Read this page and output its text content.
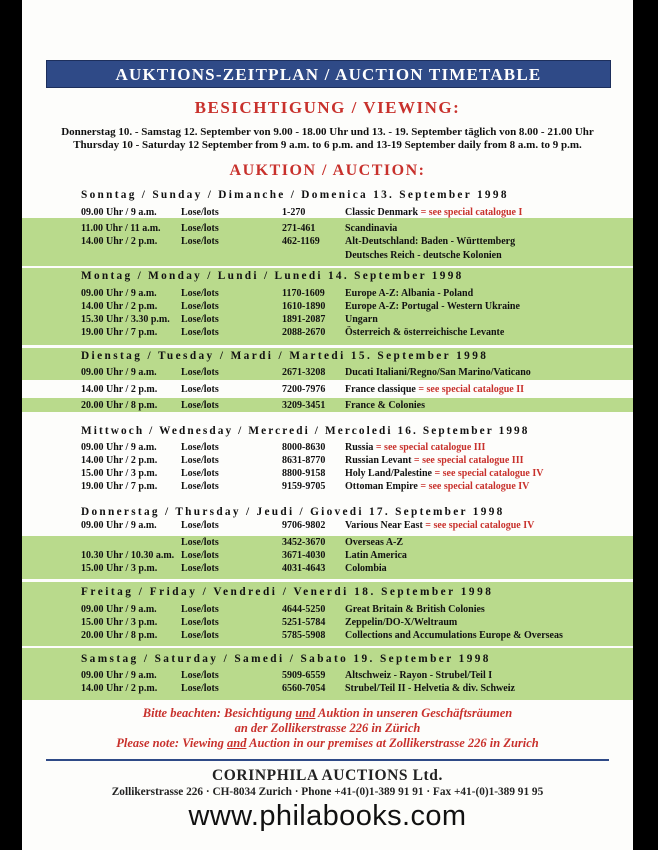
AUKTIONS-ZEITPLAN / AUCTION TIMETABLE
BESICHTIGUNG / VIEWING:
Donnerstag 10. - Samstag 12. September von 9.00 - 18.00 Uhr und 13. - 19. September täglich von 8.00 - 21.00 Uhr
Thursday 10 - Saturday 12 September from 9 a.m. to 6 p.m. and 13-19 September daily from 8 a.m. to 9 p.m.
AUKTION / AUCTION:
Sonntag / Sunday / Dimanche / Domenica 13. September 1998
09.00 Uhr / 9 a.m. Lose/lots	1-270	Classic Denmark = see special catalogue I
11.00 Uhr / 11 a.m. Lose/lots	271-461	Scandinavia
14.00 Uhr / 2 p.m. Lose/lots	462-1169	Alt-Deutschland: Baden - Württemberg
Deutsches Reich - deutsche Kolonien
Montag / Monday / Lundi / Lunedi 14. September 1998
09.00 Uhr / 9 a.m. Lose/lots	1170-1609 Europe A-Z: Albania - Poland
14.00 Uhr / 2 p.m. Lose/lots	1610-1890 Europe A-Z: Portugal - Western Ukraine
15.30 Uhr / 3.30 p.m. Lose/lots	1891-2087 Ungarn
19.00 Uhr / 7 p.m. Lose/lots	2088-2670 Österreich & österreichische Levante
Dienstag / Tuesday / Mardi / Martedi 15. September 1998
09.00 Uhr / 9 a.m. Lose/lots	2671-3208 Ducati Italiani/Regno/San Marino/Vaticano
14.00 Uhr / 2 p.m. Lose/lots	7200-7976 France classique = see special catalogue II
20.00 Uhr / 8 p.m. Lose/lots	3209-3451 France & Colonies
Mittwoch / Wednesday / Mercredi / Mercoledi 16. September 1998
09.00 Uhr / 9 a.m. Lose/lots	8000-8630 Russia = see special catalogue III
14.00 Uhr / 2 p.m. Lose/lots	8631-8770 Russian Levant = see special catalogue III
15.00 Uhr / 3 p.m. Lose/lots	8800-9158 Holy Land/Palestine = see special catalogue IV
19.00 Uhr / 7 p.m. Lose/lots	9159-9705 Ottoman Empire = see special catalogue IV
Donnerstag / Thursday / Jeudi / Giovedi 17. September 1998
09.00 Uhr / 9 a.m. Lose/lots	9706-9802 Various Near East = see special catalogue IV
Lose/lots	3452-3670 Overseas A-Z
10.30 Uhr / 10.30 a.m. Lose/lots	3671-4030 Latin America
15.00 Uhr / 3 p.m. Lose/lots	4031-4643 Colombia
Freitag / Friday / Vendredi / Venerdi 18. September 1998
09.00 Uhr / 9 a.m. Lose/lots	4644-5250 Great Britain & British Colonies
15.00 Uhr / 3 p.m. Lose/lots	5251-5784 Zeppelin/DO-X/Weltraum
20.00 Uhr / 8 p.m. Lose/lots	5785-5908 Collections and Accumulations Europe & Overseas
Samstag / Saturday / Samedi / Sabato 19. September 1998
09.00 Uhr / 9 a.m. Lose/lots	5909-6559 Altschweiz - Rayon - Strubel/Teil I
14.00 Uhr / 2 p.m. Lose/lots	6560-7054 Strubel/Teil II - Helvetia & div. Schweiz
Bitte beachten: Besichtigung und Auktion in unseren Geschäftsräumen
an der Zollikerstrasse 226 in Zürich
Please note: Viewing and Auction in our premises at Zollikerstrasse 226 in Zurich
CORINPHILA AUCTIONS Ltd.
Zollikerstrasse 226 · CH-8034 Zurich · Phone +41-(0)1-389 91 91 · Fax +41-(0)1-389 91 95
www.philabooks.com
